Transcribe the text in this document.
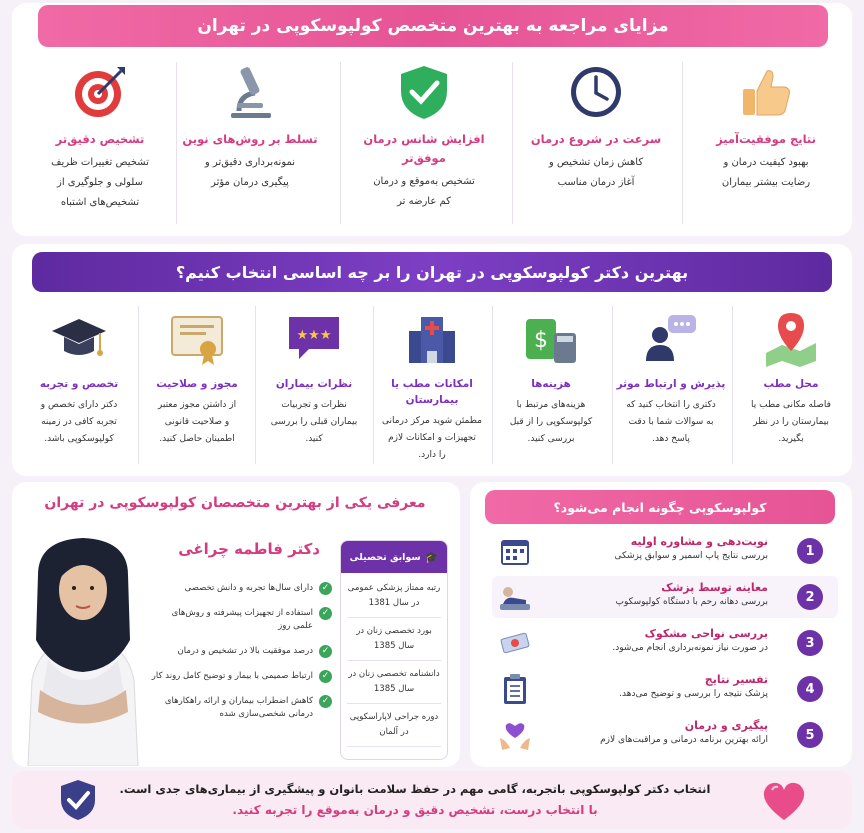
مزایای مراجعه به بهترین متخصص کولپوسکوپی در تهران
نتایج موفقیت‌آمیز
بهبود کیفیت درمان و
رضایت بیشتر بیماران
سرعت در شروع درمان
کاهش زمان تشخیص و
آغاز درمان مناسب
افزایش شانس درمان موفق‌تر
تشخیص به‌موقع و درمان
کم عارضه تر
تسلط بر روش‌های نوین
نمونه‌برداری دقیق‌تر و
پیگیری درمان مؤثر
تشخیص دقیق‌تر
تشخیص تغییرات ظریف
سلولی و جلوگیری از
تشخیص‌های اشتباه
بهترین دکتر کولپوسکوپی در تهران را بر چه اساسی انتخاب کنیم؟
محل مطب
فاصله مکانی مطب یا
بیمارستان را در نظر
بگیرید.
پذیرش و ارتباط موثر
دکتری را انتخاب کنید که
به سوالات شما با دقت
پاسخ دهد.
$
هزینه‌ها
هزینه‌های مرتبط با
کولپوسکوپی را از قبل
بررسی کنید.
امکانات مطب یا بیمارستان
مطمئن شوید مرکز درمانی
تجهیزات و امکانات لازم
را دارد.
★★★
نظرات بیماران
نظرات و تجربیات
بیماران قبلی را بررسی
کنید.
مجوز و صلاحیت
از داشتن مجوز معتبر
و صلاحیت قانونی
اطمینان حاصل کنید.
تخصص و تجربه
دکتر دارای تخصص و
تجربه کافی در زمینه
کولپوسکوپی باشد.
معرفی یکی از بهترین متخصصان کولپوسکوپی در تهران
دکتر فاطمه چراغی
✓
دارای سال‌ها تجربه و دانش تخصصی
✓
استفاده از تجهیزات پیشرفته و روش‌های علمی روز
✓
درصد موفقیت بالا در تشخیص و درمان
✓
ارتباط صمیمی با بیمار و توضیح کامل روند کار
✓
کاهش اضطراب بیماران و ارائه راهکارهای درمانی شخصی‌سازی شده
🎓
سوابق تحصیلی
رتبه ممتاز پزشکی عمومی در سال 1381
بورد تخصصی زنان در سال 1385
دانشنامه تخصصی زنان در سال 1385
دوره جراحی لاپاراسکوپی در آلمان
کولپوسکوپی چگونه انجام می‌شود؟
1
نوبت‌دهی و مشاوره اولیه
بررسی نتایج پاپ اسمیر و سوابق پزشکی
2
معاینه توسط پزشک
بررسی دهانه رحم با دستگاه کولپوسکوپ
3
بررسی نواحی مشکوک
در صورت نیاز نمونه‌برداری انجام می‌شود.
4
تفسیر نتایج
پزشک نتیجه را بررسی و توضیح می‌دهد.
5
پیگیری و درمان
ارائه بهترین برنامه درمانی و مراقبت‌های لازم
انتخاب دکتر کولپوسکوپی باتجربه، گامی مهم در حفظ سلامت بانوان و پیشگیری از بیماری‌های جدی است.
با انتخاب درست، تشخیص دقیق و درمان به‌موقع را تجربه کنید.
